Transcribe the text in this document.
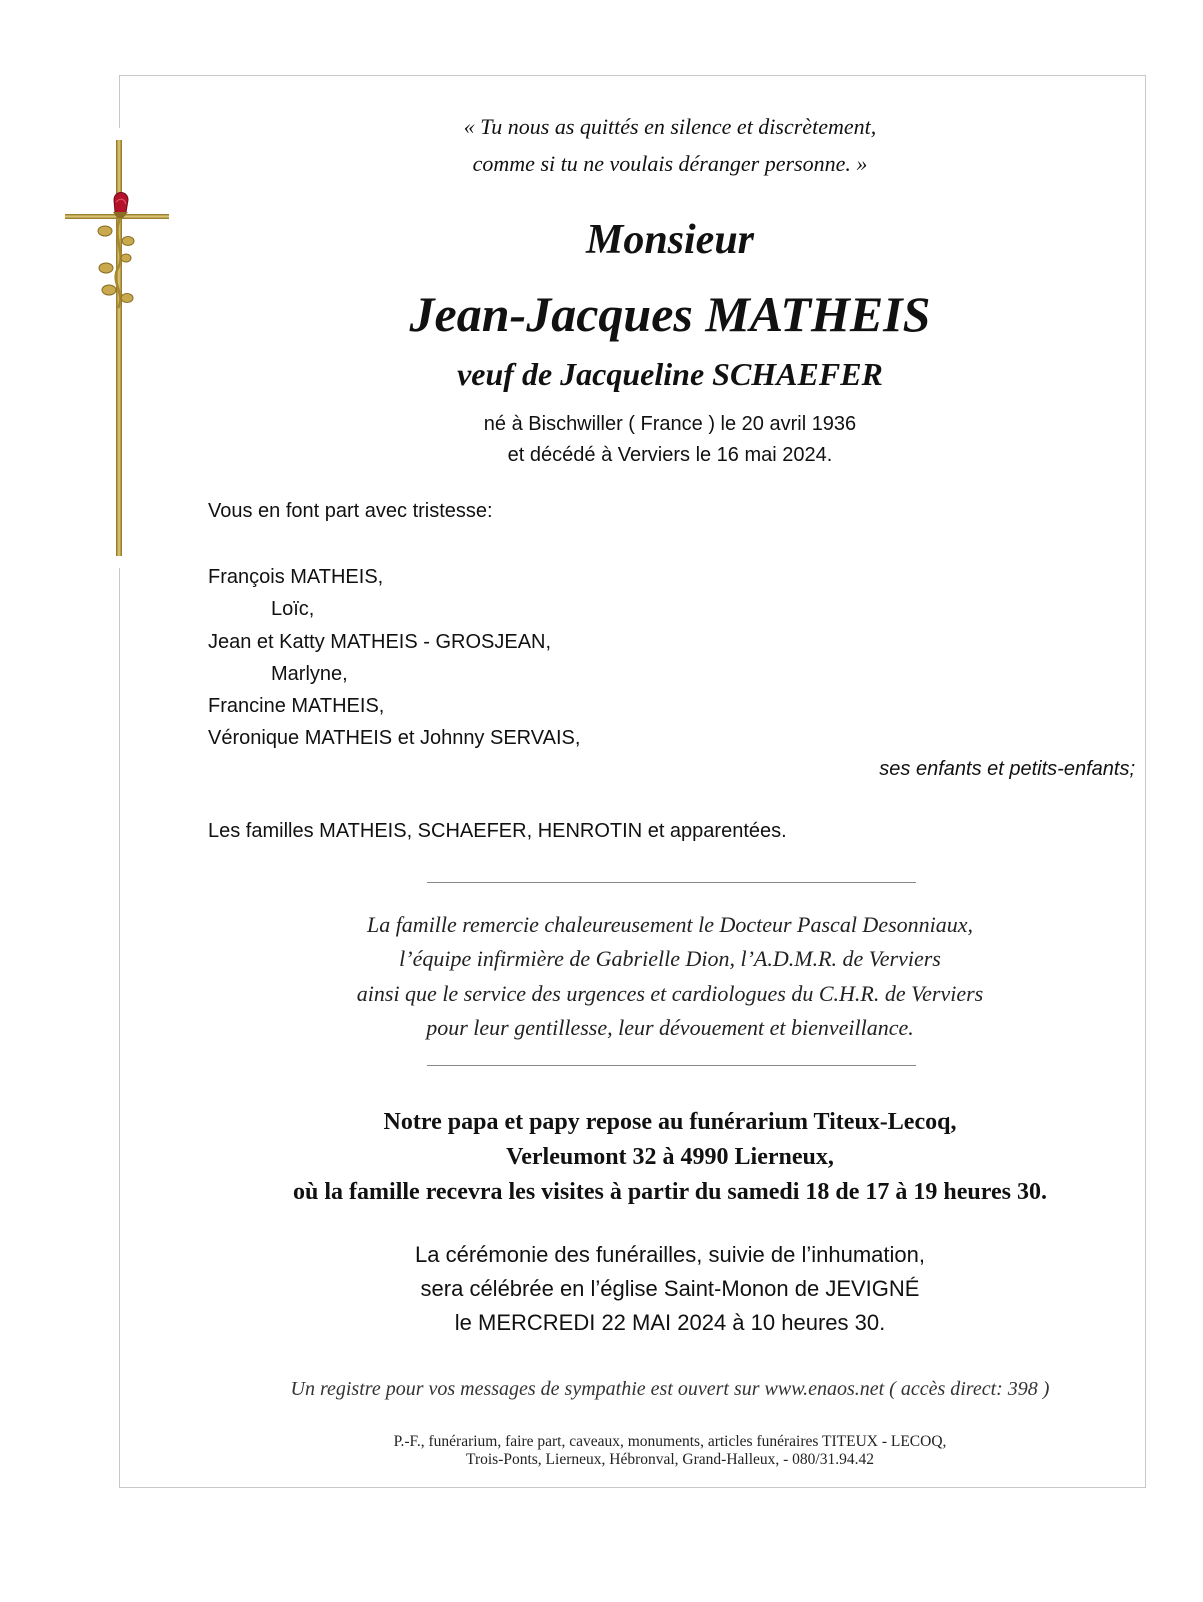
« Tu nous as quittés en silence et discrètement,
comme si tu ne voulais déranger personne. »
Monsieur
Jean-Jacques MATHEIS
veuf de Jacqueline SCHAEFER
né à Bischwiller ( France ) le 20 avril 1936
et décédé à Verviers le 16 mai 2024.
Vous en font part avec tristesse:
François MATHEIS,
Loïc,
Jean et Katty MATHEIS - GROSJEAN,
Marlyne,
Francine MATHEIS,
Véronique MATHEIS et Johnny SERVAIS,
ses enfants et petits-enfants;
Les familles MATHEIS, SCHAEFER, HENROTIN et apparentées.
La famille remercie chaleureusement le Docteur Pascal Desonniaux,
l’équipe infirmière de Gabrielle Dion, l’A.D.M.R. de Verviers
ainsi que le service des urgences et cardiologues du C.H.R. de Verviers
pour leur gentillesse, leur dévouement et bienveillance.
Notre papa et papy repose au funérarium Titeux-Lecoq,
Verleumont 32 à 4990 Lierneux,
où la famille recevra les visites à partir du samedi 18 de 17 à 19 heures 30.
La cérémonie des funérailles, suivie de l’inhumation,
sera célébrée en l’église Saint-Monon de JEVIGNÉ
le MERCREDI 22 MAI 2024 à 10 heures 30.
Un registre pour vos messages de sympathie est ouvert sur www.enaos.net ( accès direct: 398 )
P.-F., funérarium, faire part, caveaux, monuments, articles funéraires TITEUX - LECOQ,
Trois-Ponts, Lierneux, Hébronval, Grand-Halleux, - 080/31.94.42
